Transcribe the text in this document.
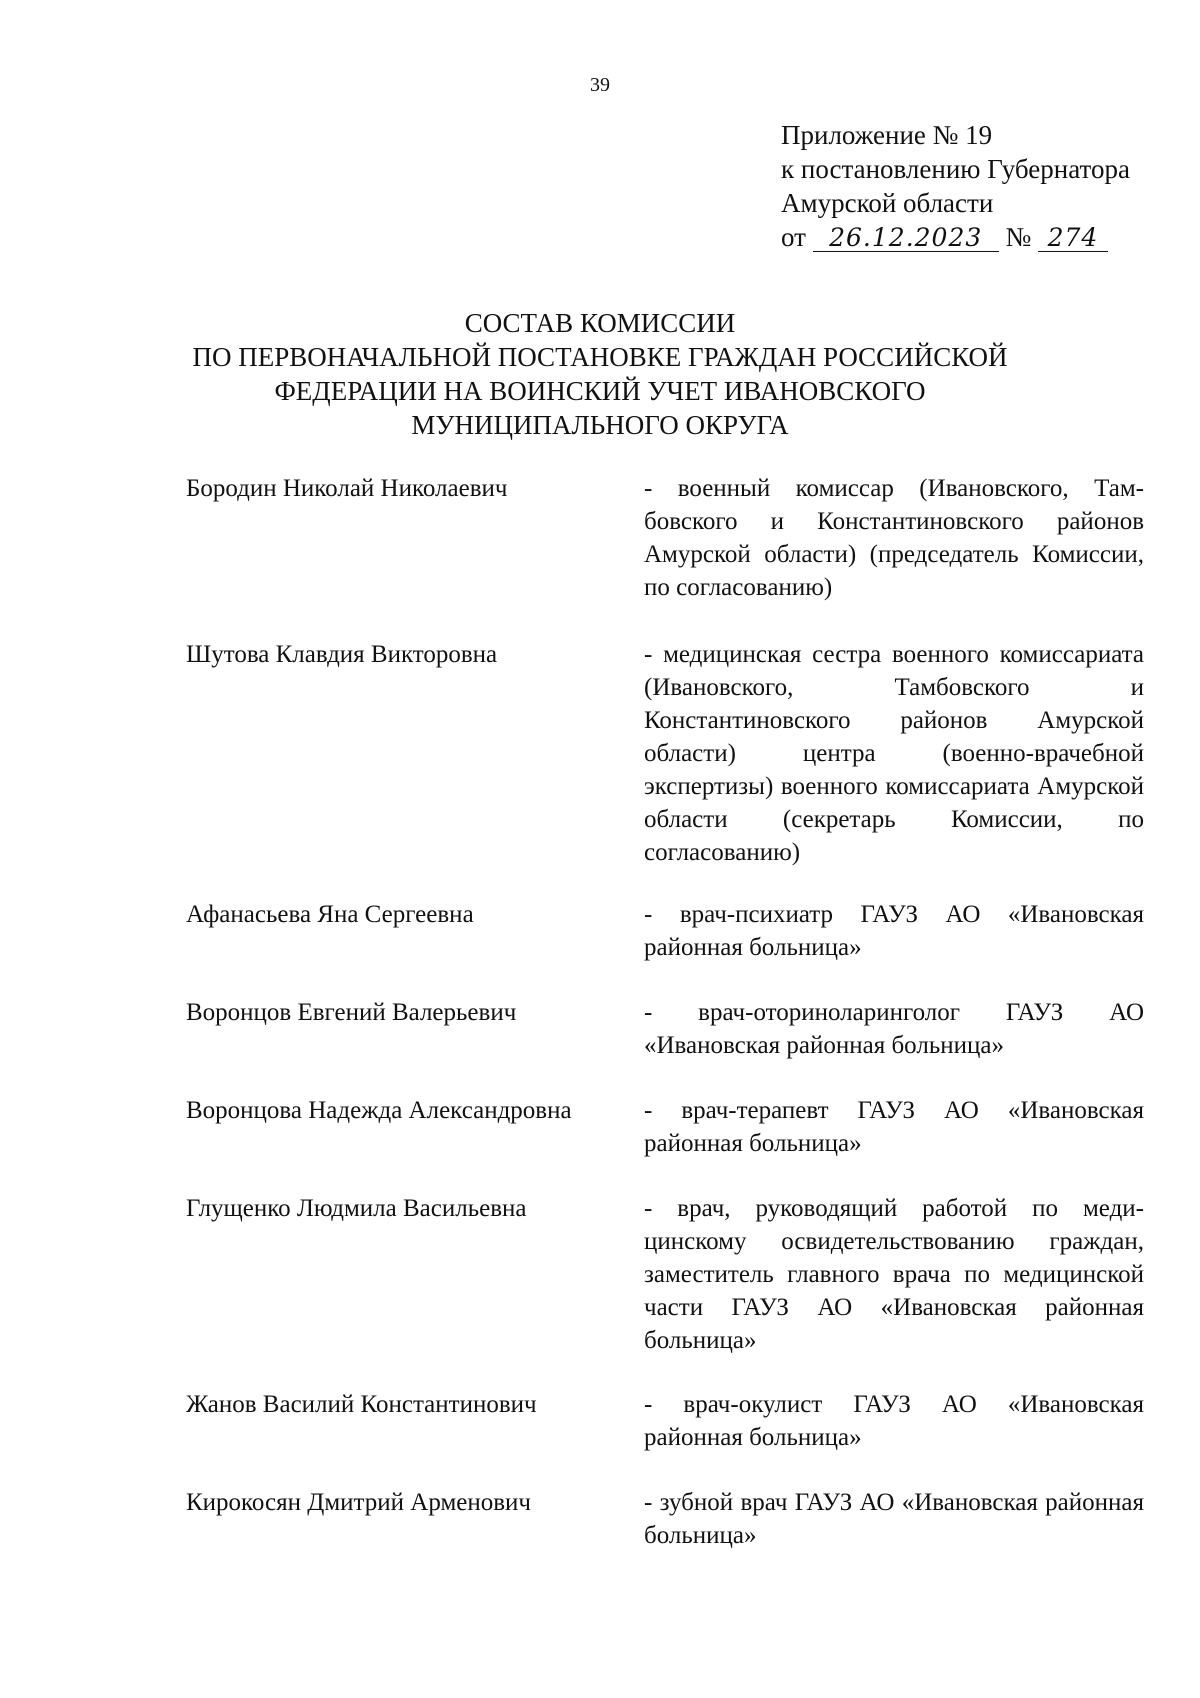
39
Приложение № 19
к постановлению Губернатора
Амурской области
от 26.12.2023 № 274
СОСТАВ КОМИССИИ
ПО ПЕРВОНАЧАЛЬНОЙ ПОСТАНОВКЕ ГРАЖДАН РОССИЙСКОЙ
ФЕДЕРАЦИИ НА ВОИНСКИЙ УЧЕТ ИВАНОВСКОГО
МУНИЦИПАЛЬНОГО ОКРУГА
Бородин Николай Николаевич	- военный комиссар (Ивановского, Тамбовского и Константиновского районов Амурской области) (председатель Комиссии, по согласованию)
Шутова Клавдия Викторовна	- медицинская сестра военного комиссариата (Ивановского, Тамбовского и Константиновского районов Амурской области) центра (военно-врачебной экспертизы) военного комиссариата Амурской области (секретарь Комиссии, по согласованию)
Афанасьева Яна Сергеевна	- врач-психиатр ГАУЗ АО «Ивановская районная больница»
Воронцов Евгений Валерьевич	- врач-оториноларинголог ГАУЗ АО «Ивановская районная больница»
Воронцова Надежда Александровна	- врач-терапевт ГАУЗ АО «Ивановская районная больница»
Глущенко Людмила Васильевна	- врач, руководящий работой по медицинскому освидетельствованию граждан, заместитель главного врача по медицинской части ГАУЗ АО «Ивановская районная больница»
Жанов Василий Константинович	- врач-окулист ГАУЗ АО «Ивановская районная больница»
Кирокосян Дмитрий Арменович	- зубной врач ГАУЗ АО «Ивановская районная больница»
